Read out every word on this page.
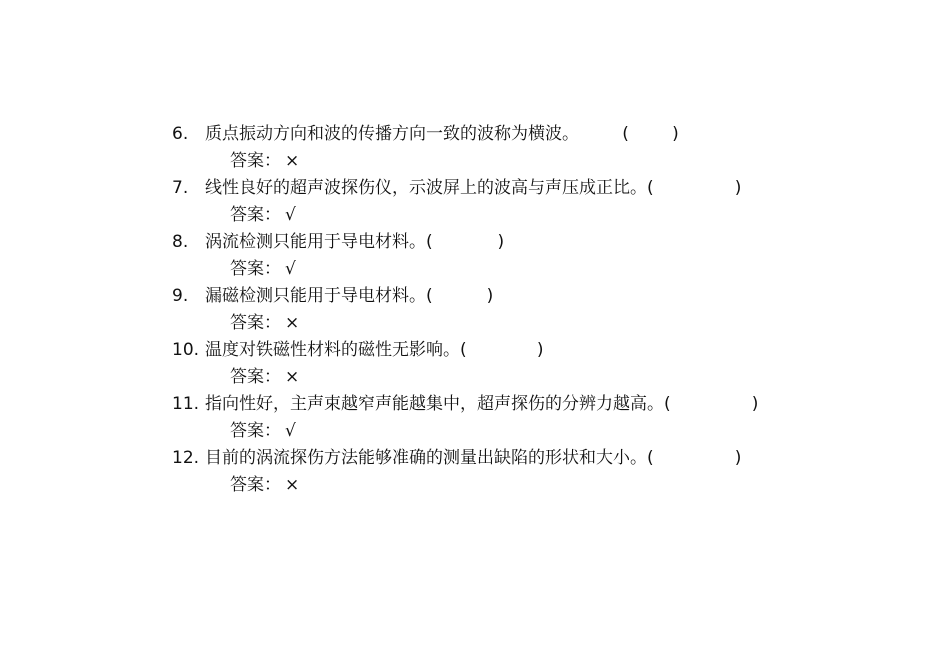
6. 质点振动方向和波的传播方向一致的波称为横波。 (        )
答案： ×
7. 线性良好的超声波探伤仪，示波屏上的波高与声压成正比。 (               )
答案： √
8. 涡流检测只能用于导电材料。 (            )
答案： √
9. 漏磁检测只能用于导电材料。 (          )
答案： ×
10. 温度对铁磁性材料的磁性无影响。 (             )
答案： ×
11. 指向性好，主声束越窄声能越集中，超声探伤的分辨力越高。 (               )
答案： √
12. 目前的涡流探伤方法能够准确的测量出缺陷的形状和大小。 (               )
答案： ×
